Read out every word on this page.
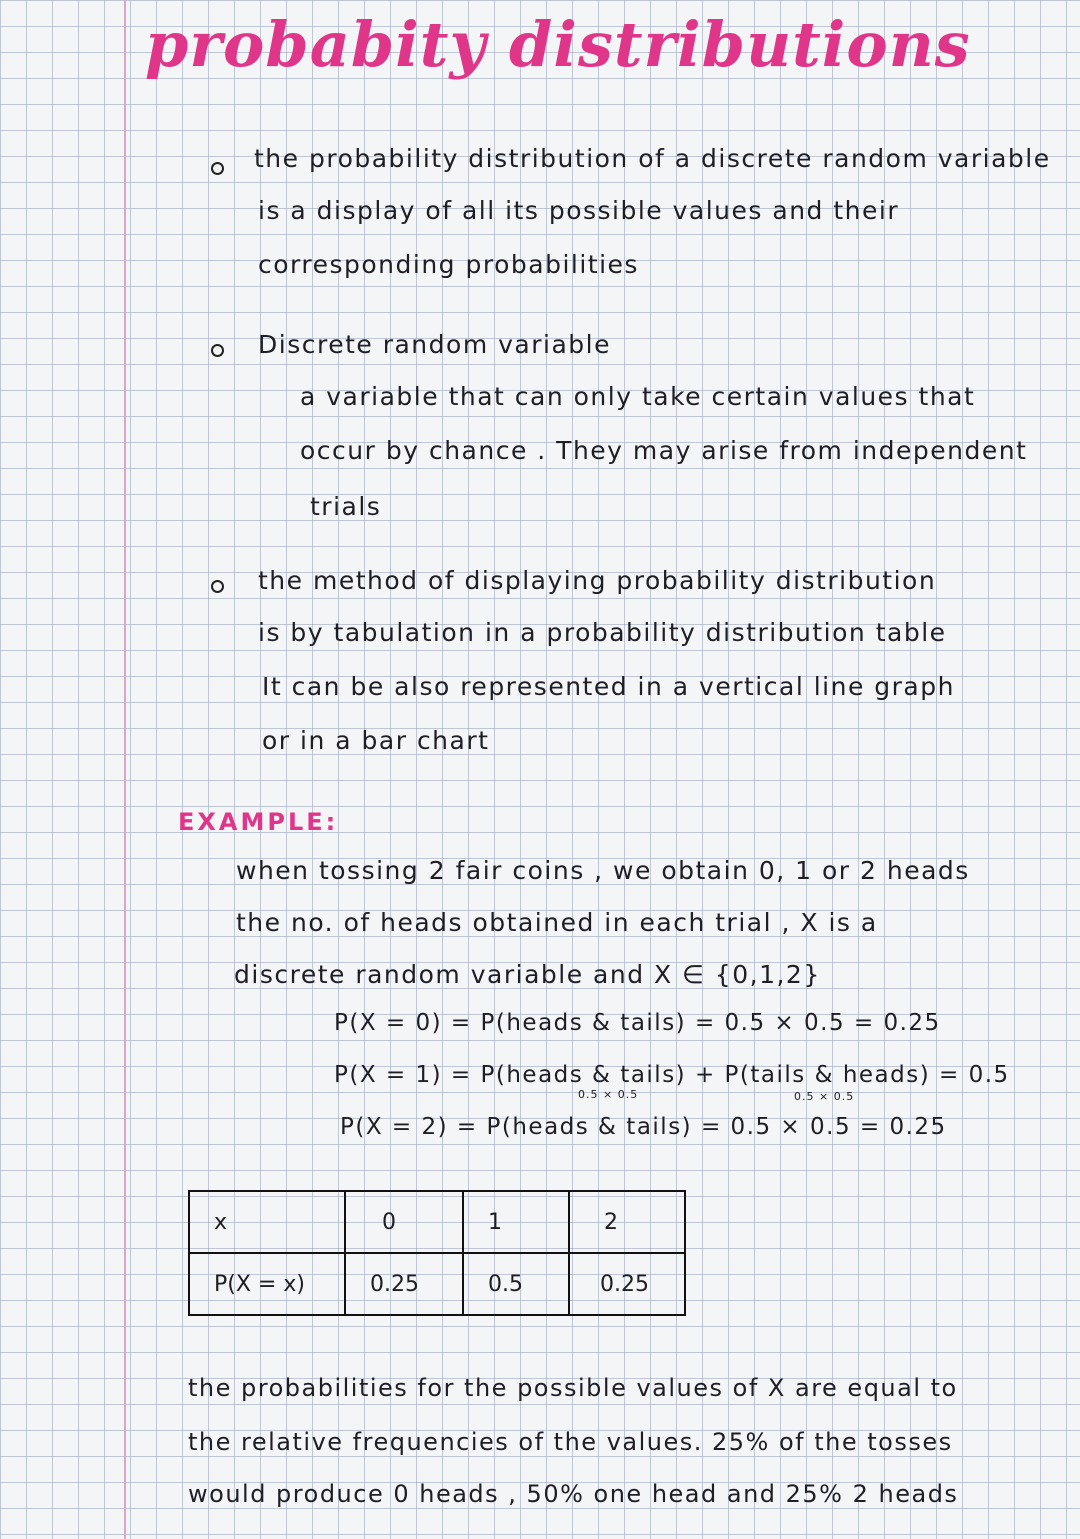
probabity distributions
the probability distribution of a discrete random variable
is a display of all its possible values and their
corresponding probabilities
Discrete random variable
a variable that can only take certain values that
occur by chance . They may arise from independent
trials
the method of displaying probability distribution
is by tabulation in a probability distribution table
It can be also represented in a vertical line graph
or in a bar chart
EXAMPLE:
when tossing 2 fair coins , we obtain 0, 1 or 2 heads
the no. of heads obtained in each trial , X is a
discrete random variable and X ∈ {0,1,2}
P(X = 0) = P(heads & tails) = 0.5 × 0.5 = 0.25
P(X = 1) = P(heads & tails) + P(tails & heads) = 0.5
0.5 × 0.5	0.5 × 0.5
P(X = 2) = P(heads & tails) = 0.5 × 0.5 = 0.25
x	0	1	2
P(X = x)	0.25	0.5	0.25
the probabilities for the possible values of X are equal to
the relative frequencies of the values. 25% of the tosses
would produce 0 heads , 50% one head and 25% 2 heads
